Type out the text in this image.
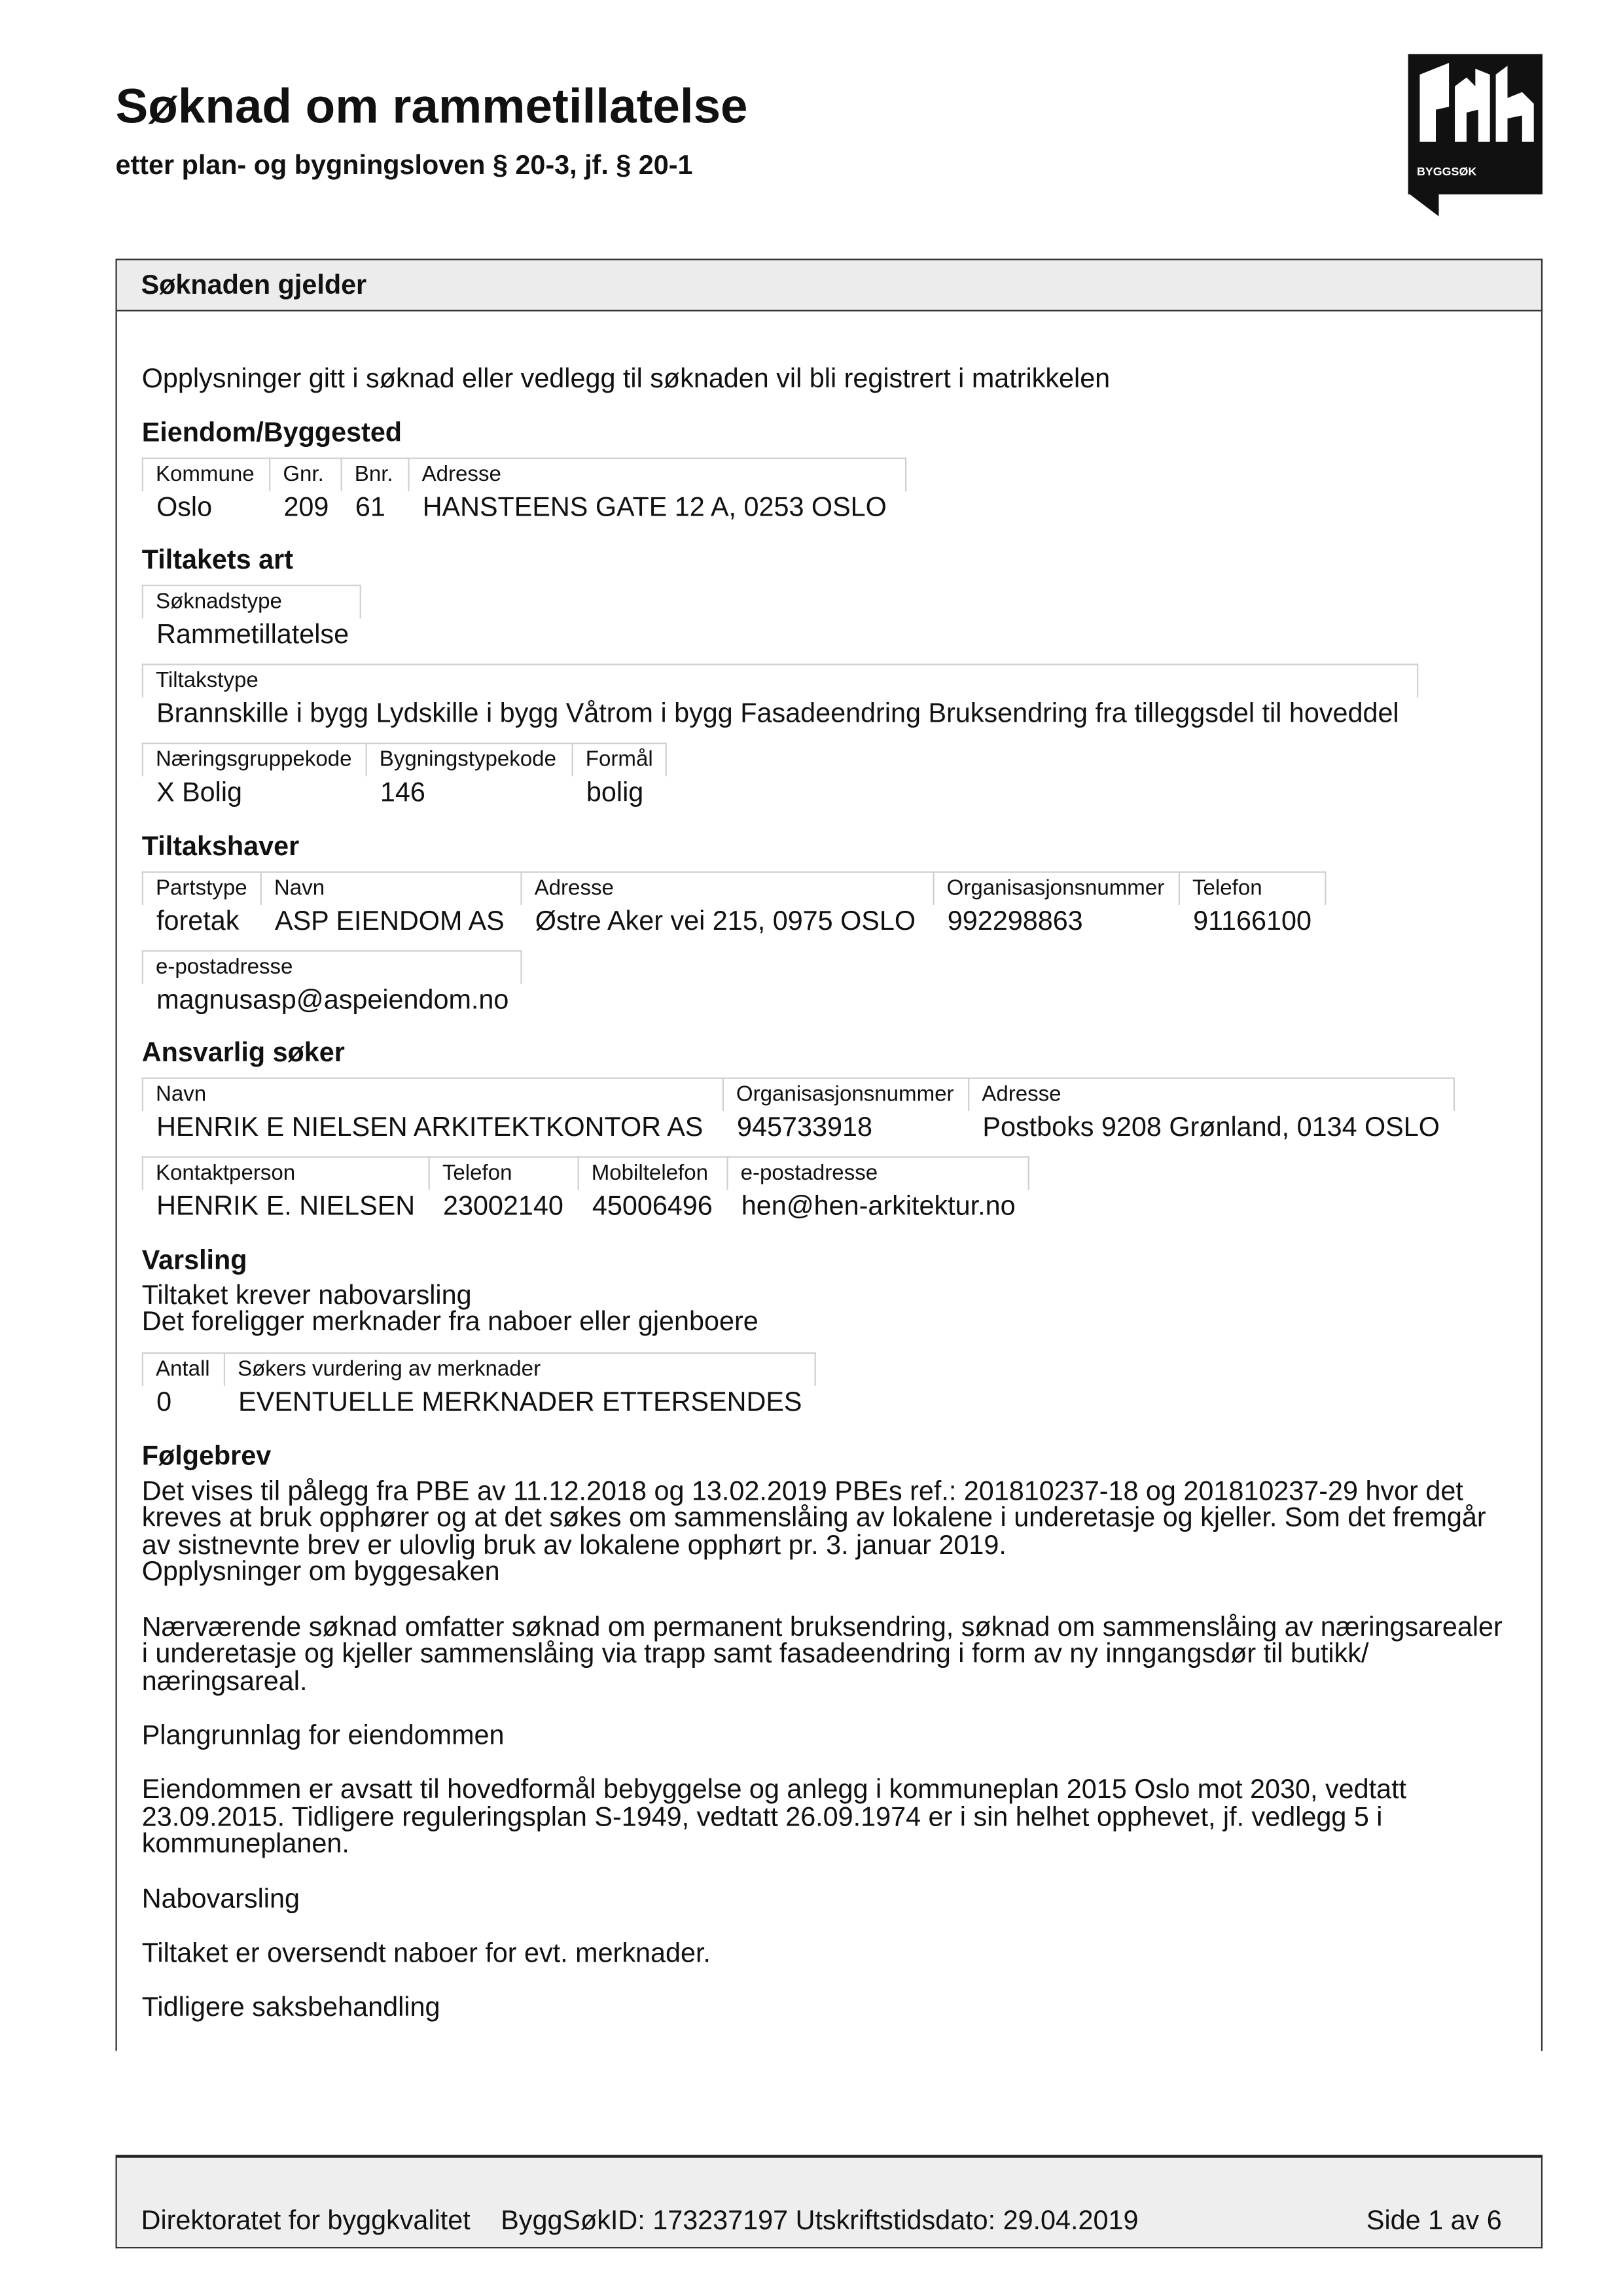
Søknad om rammetillatelse
etter plan- og bygningsloven § 20-3, jf. § 20-1	BYGGSØK
Søknaden gjelder
Opplysninger gitt i søknad eller vedlegg til søknaden vil bli registrert i matrikkelen
Eiendom/Byggested
Kommune
Oslo
Gnr.
209
Bnr.
61
Adresse
HANSTEENS GATE 12 A, 0253 OSLO
Tiltakets art
Søknadstype
Rammetillatelse
Tiltakstype
Brannskille i bygg Lydskille i bygg Våtrom i bygg Fasadeendring Bruksendring fra tilleggsdel til hoveddel
Næringsgruppekode
X Bolig
Bygningstypekode
146
Formål
bolig
Tiltakshaver
Partstype
foretak
Navn
ASP EIENDOM AS
Adresse
Østre Aker vei 215, 0975 OSLO
Organisasjonsnummer
992298863
Telefon
91166100
e-postadresse
magnusasp@aspeiendom.no
Ansvarlig søker
Navn
HENRIK E NIELSEN ARKITEKTKONTOR AS
Organisasjonsnummer
945733918
Adresse
Postboks 9208 Grønland, 0134 OSLO
Kontaktperson
HENRIK E. NIELSEN
Telefon
23002140
Mobiltelefon
45006496
e-postadresse
hen@hen-arkitektur.no
Varsling
Tiltaket krever nabovarsling
Det foreligger merknader fra naboer eller gjenboere
Antall
0
Søkers vurdering av merknader
EVENTUELLE MERKNADER ETTERSENDES
Følgebrev
Det vises til pålegg fra PBE av 11.12.2018 og 13.02.2019 PBEs ref.: 201810237-18 og 201810237-29 hvor det
kreves at bruk opphører og at det søkes om sammenslåing av lokalene i underetasje og kjeller. Som det fremgår
av sistnevnte brev er ulovlig bruk av lokalene opphørt pr. 3. januar 2019.
Opplysninger om byggesaken
Nærværende søknad omfatter søknad om permanent bruksendring, søknad om sammenslåing av næringsarealer
i underetasje og kjeller sammenslåing via trapp samt fasadeendring i form av ny inngangsdør til butikk/
næringsareal.
Plangrunnlag for eiendommen
Eiendommen er avsatt til hovedformål bebyggelse og anlegg i kommuneplan 2015 Oslo mot 2030, vedtatt
23.09.2015. Tidligere reguleringsplan S-1949, vedtatt 26.09.1974 er i sin helhet opphevet, jf. vedlegg 5 i
kommuneplanen.
Nabovarsling
Tiltaket er oversendt naboer for evt. merknader.
Tidligere saksbehandling
Direktoratet for byggkvalitet	ByggSøkID: 173237197 Utskriftstidsdato: 29.04.2019	Side 1 av 6
